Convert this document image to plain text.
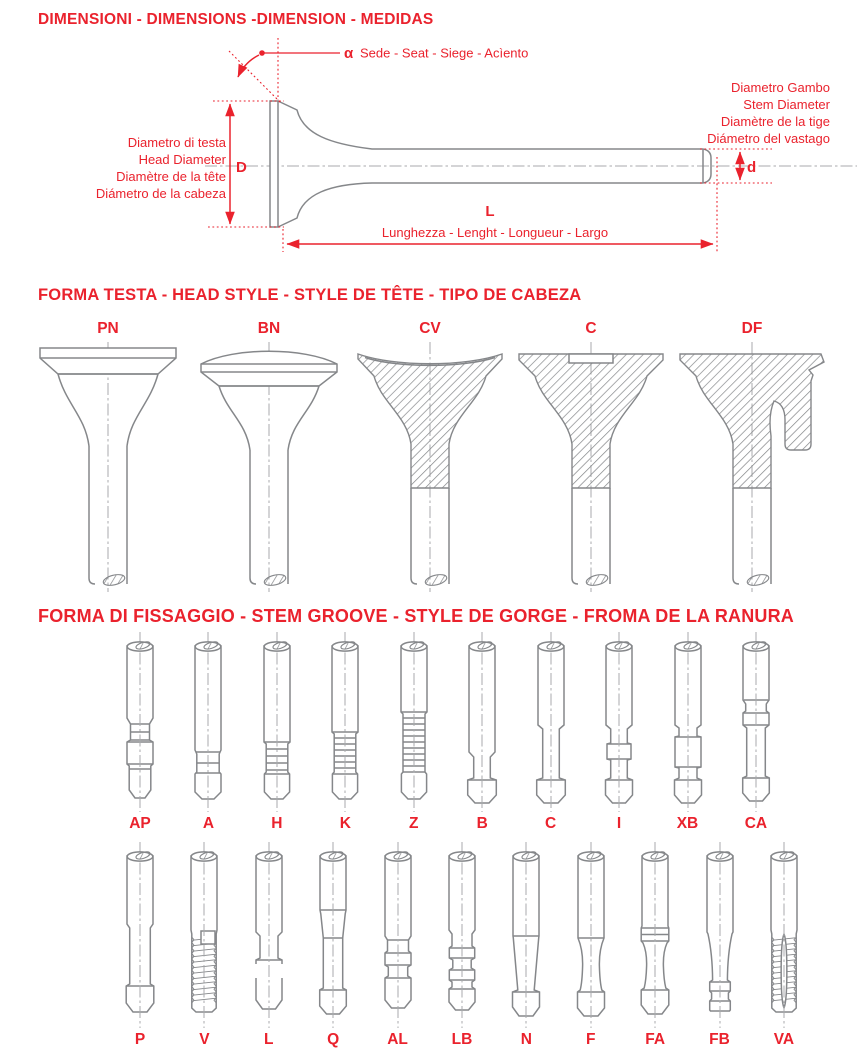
DIMENSIONI - DIMENSIONS -DIMENSION - MEDIDAS
α Sede - Seat - Siege - Acìento
D
Diametro di testa
Head Diameter
Diamètre de la tête
Diámetro de la cabeza
d
Diametro Gambo
Stem Diameter
Diamètre de la tige
Diámetro del vastago
L
Lunghezza - Lenght - Longueur - Largo
FORMA TESTA - HEAD STYLE - STYLE DE TÊTE - TIPO DE CABEZA
PN	BN	CV	C	DF
FORMA DI FISSAGGIO - STEM GROOVE - STYLE DE GORGE - FROMA DE LA RANURA
AP	A	H	K	Z	B	C	I	XB	CA
P	V	L	Q	AL	LB	N	F	FA	FB	VA
